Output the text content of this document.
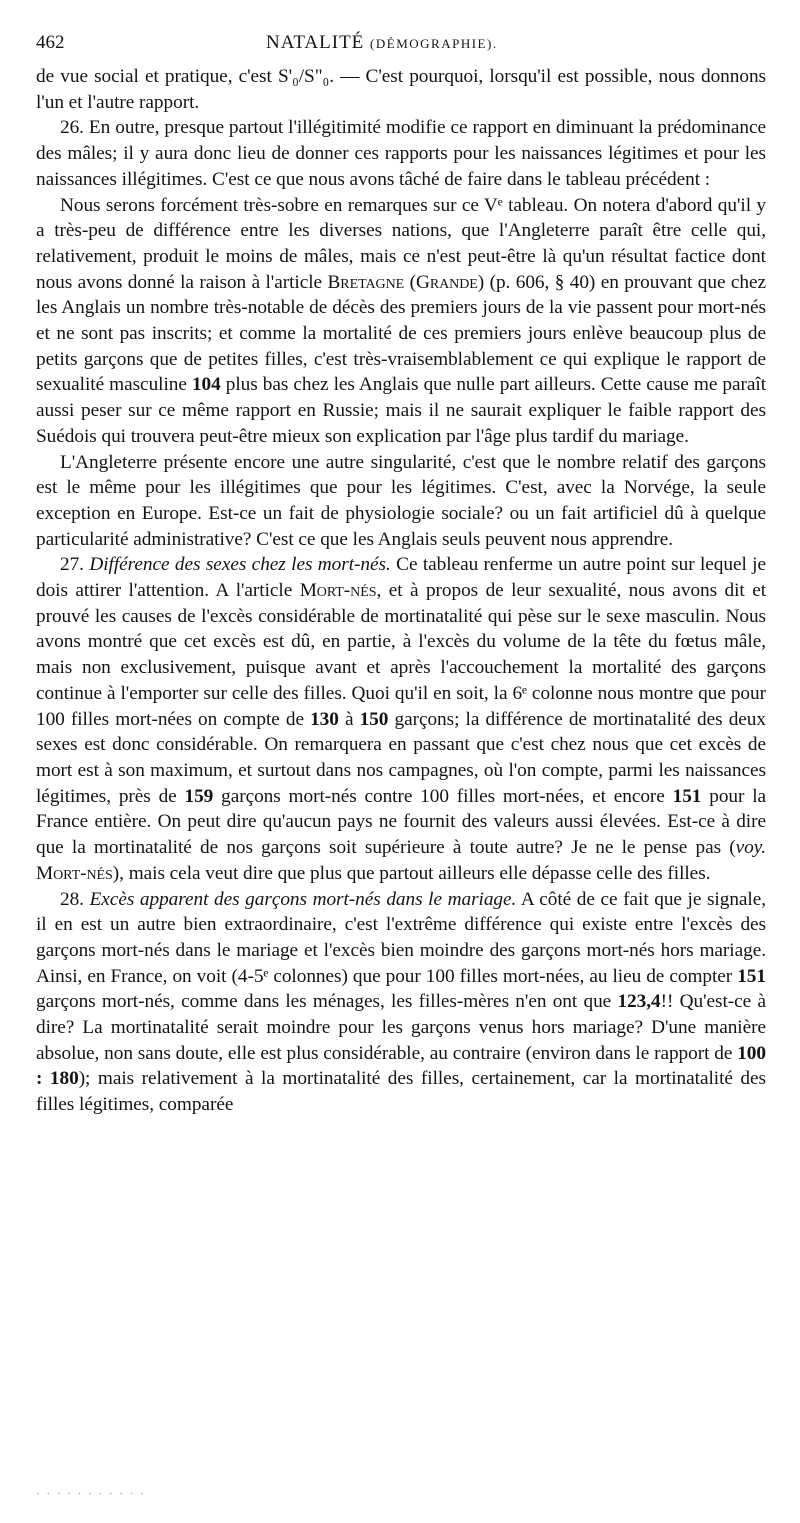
462	NATALITÉ (DÉMOGRAPHIE).

de vue social et pratique, c'est S'₀/S"₀. — C'est pourquoi, lorsqu'il est possible, nous donnons l'un et l'autre rapport.

26. En outre, presque partout l'illégitimité modifie ce rapport en diminuant la prédominance des mâles; il y aura donc lieu de donner ces rapports pour les naissances légitimes et pour les naissances illégitimes. C'est ce que nous avons tâché de faire dans le tableau précédent :

Nous serons forcément très-sobre en remarques sur ce Vᵉ tableau. On notera d'abord qu'il y a très-peu de différence entre les diverses nations, que l'Angleterre paraît être celle qui, relativement, produit le moins de mâles, mais ce n'est peut-être là qu'un résultat factice dont nous avons donné la raison à l'article Bretagne (Grande) (p. 606, § 40) en prouvant que chez les Anglais un nombre très-notable de décès des premiers jours de la vie passent pour mort-nés et ne sont pas inscrits; et comme la mortalité de ces premiers jours enlève beaucoup plus de petits garçons que de petites filles, c'est très-vraisemblablement ce qui explique le rapport de sexualité masculine 104 plus bas chez les Anglais que nulle part ailleurs. Cette cause me paraît aussi peser sur ce même rapport en Russie; mais il ne saurait expliquer le faible rapport des Suédois qui trouvera peut-être mieux son explication par l'âge plus tardif du mariage.

L'Angleterre présente encore une autre singularité, c'est que le nombre relatif des garçons est le même pour les illégitimes que pour les légitimes. C'est, avec la Norvége, la seule exception en Europe. Est-ce un fait de physiologie sociale? ou un fait artificiel dû à quelque particularité administrative? C'est ce que les Anglais seuls peuvent nous apprendre.

27. Différence des sexes chez les mort-nés. Ce tableau renferme un autre point sur lequel je dois attirer l'attention. A l'article Mort-nés, et à propos de leur sexualité, nous avons dit et prouvé les causes de l'excès considérable de mortinatalité qui pèse sur le sexe masculin. Nous avons montré que cet excès est dû, en partie, à l'excès du volume de la tête du fœtus mâle, mais non exclusivement, puisque avant et après l'accouchement la mortalité des garçons continue à l'emporter sur celle des filles. Quoi qu'il en soit, la 6ᵉ colonne nous montre que pour 100 filles mort-nées on compte de 130 à 150 garçons; la différence de mortinatalité des deux sexes est donc considérable. On remarquera en passant que c'est chez nous que cet excès de mort est à son maximum, et surtout dans nos campagnes, où l'on compte, parmi les naissances légitimes, près de 159 garçons mort-nés contre 100 filles mort-nées, et encore 151 pour la France entière. On peut dire qu'aucun pays ne fournit des valeurs aussi élevées. Est-ce à dire que la mortinatalité de nos garçons soit supérieure à toute autre? Je ne le pense pas (voy. Mort-nés), mais cela veut dire que plus que partout ailleurs elle dépasse celle des filles.

28. Excès apparent des garçons mort-nés dans le mariage. A côté de ce fait que je signale, il en est un autre bien extraordinaire, c'est l'extrême différence qui existe entre l'excès des garçons mort-nés dans le mariage et l'excès bien moindre des garçons mort-nés hors mariage. Ainsi, en France, on voit (4-5ᵉ colonnes) que pour 100 filles mort-nées, au lieu de compter 151 garçons mort-nés, comme dans les ménages, les filles-mères n'en ont que 123,4!! Qu'est-ce à dire? La mortinatalité serait moindre pour les garçons venus hors mariage? D'une manière absolue, non sans doute, elle est plus considérable, au contraire (environ dans le rapport de 100 : 180); mais relativement à la mortinatalité des filles, certainement, car la mortinatalité des filles légitimes, comparée

· · · · · · · · · · ·
